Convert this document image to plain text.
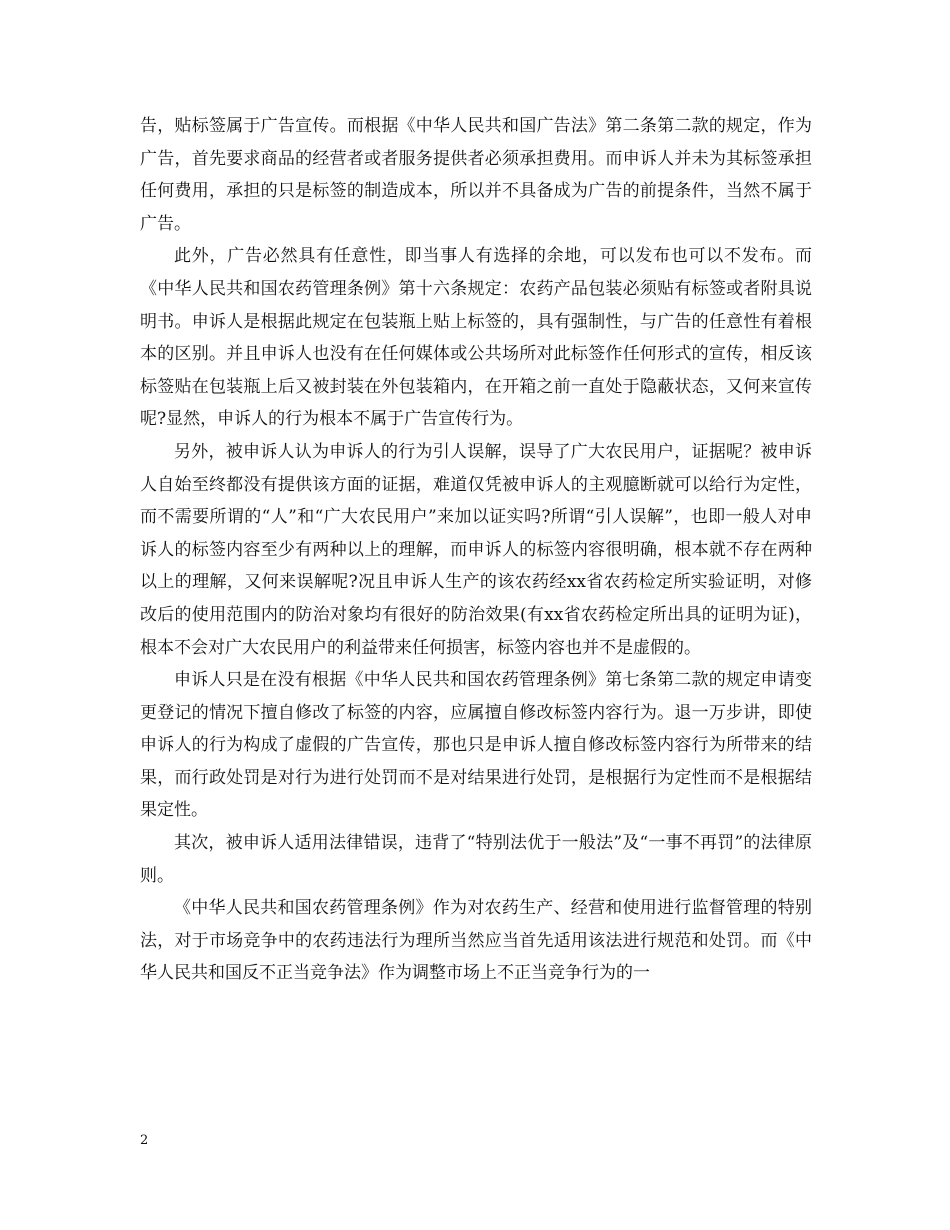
告，贴标签属于广告宣传。而根据《中华人民共和国广告法》第二条第二款的规定，作为广告，首先要求商品的经营者或者服务提供者必须承担费用。而申诉人并未为其标签承担任何费用，承担的只是标签的制造成本，所以并不具备成为广告的前提条件，当然不属于广告。

此外，广告必然具有任意性，即当事人有选择的余地，可以发布也可以不发布。而《中华人民共和国农药管理条例》第十六条规定：农药产品包装必须贴有标签或者附具说明书。申诉人是根据此规定在包装瓶上贴上标签的，具有强制性，与广告的任意性有着根本的区别。并且申诉人也没有在任何媒体或公共场所对此标签作任何形式的宣传，相反该标签贴在包装瓶上后又被封装在外包装箱内，在开箱之前一直处于隐蔽状态，又何来宣传呢?显然，申诉人的行为根本不属于广告宣传行为。

另外，被申诉人认为申诉人的行为引人误解，误导了广大农民用户，证据呢？被申诉人自始至终都没有提供该方面的证据，难道仅凭被申诉人的主观臆断就可以给行为定性，而不需要所谓的“人”和“广大农民用户”来加以证实吗?所谓“引人误解”，也即一般人对申诉人的标签内容至少有两种以上的理解，而申诉人的标签内容很明确，根本就不存在两种以上的理解，又何来误解呢?况且申诉人生产的该农药经xx省农药检定所实验证明，对修改后的使用范围内的防治对象均有很好的防治效果(有xx省农药检定所出具的证明为证)，根本不会对广大农民用户的利益带来任何损害，标签内容也并不是虚假的。

申诉人只是在没有根据《中华人民共和国农药管理条例》第七条第二款的规定申请变更登记的情况下擅自修改了标签的内容，应属擅自修改标签内容行为。退一万步讲，即使申诉人的行为构成了虚假的广告宣传，那也只是申诉人擅自修改标签内容行为所带来的结果，而行政处罚是对行为进行处罚而不是对结果进行处罚，是根据行为定性而不是根据结果定性。

其次，被申诉人适用法律错误，违背了“特别法优于一般法”及“一事不再罚”的法律原则。

《中华人民共和国农药管理条例》作为对农药生产、经营和使用进行监督管理的特别法，对于市场竞争中的农药违法行为理所当然应当首先适用该法进行规范和处罚。而《中华人民共和国反不正当竞争法》作为调整市场上不正当竞争行为的一

2
